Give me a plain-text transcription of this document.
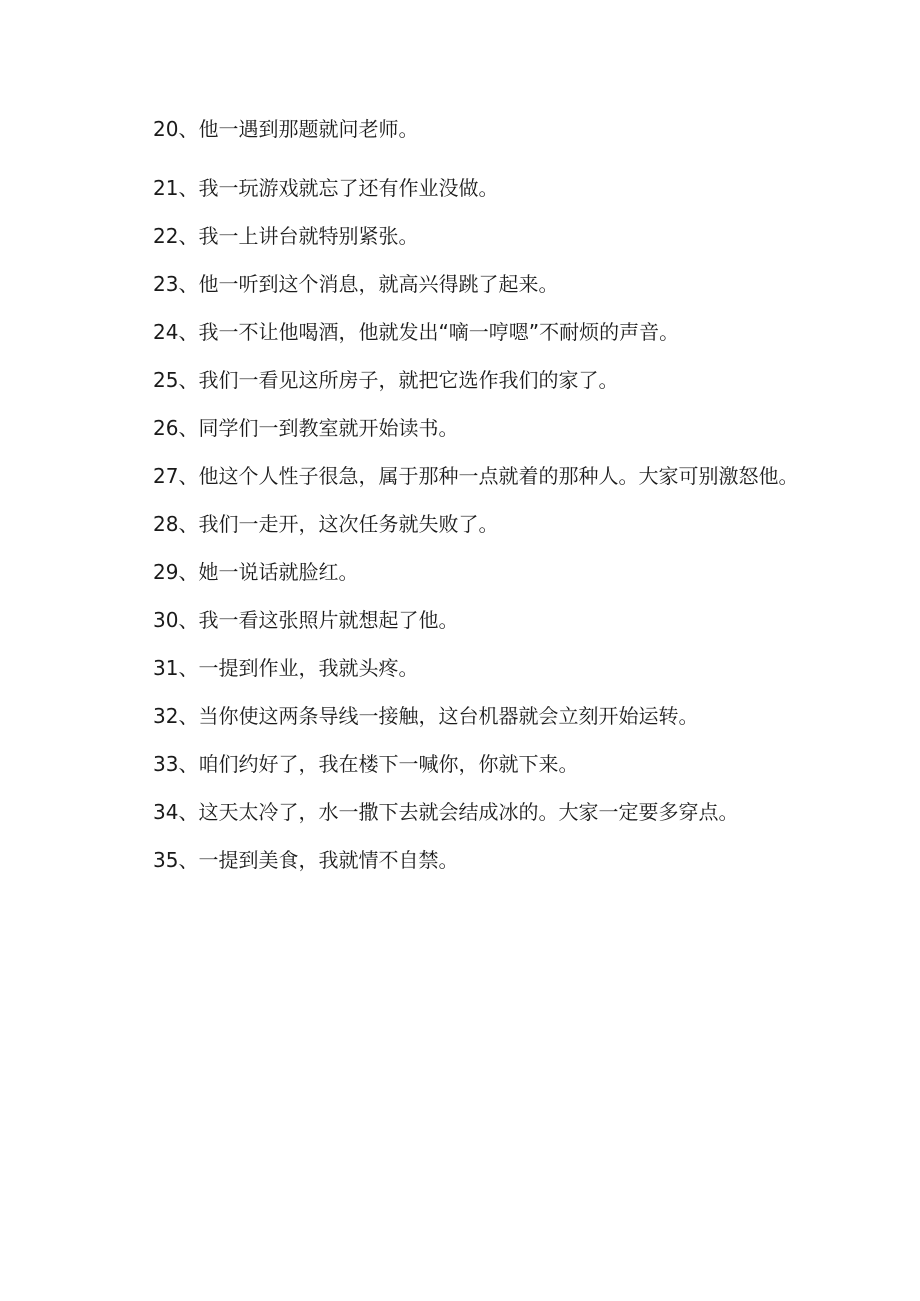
20、他一遇到那题就问老师。

21、我一玩游戏就忘了还有作业没做。

22、我一上讲台就特别紧张。

23、他一听到这个消息，就高兴得跳了起来。

24、我一不让他喝酒，他就发出“嘀一哼嗯”不耐烦的声音。

25、我们一看见这所房子，就把它选作我们的家了。

26、同学们一到教室就开始读书。

27、他这个人性子很急，属于那种一点就着的那种人。大家可别激怒他。

28、我们一走开，这次任务就失败了。

29、她一说话就脸红。

30、我一看这张照片就想起了他。

31、一提到作业，我就头疼。

32、当你使这两条导线一接触，这台机器就会立刻开始运转。

33、咱们约好了，我在楼下一喊你，你就下来。

34、这天太冷了，水一撒下去就会结成冰的。大家一定要多穿点。

35、一提到美食，我就情不自禁。
